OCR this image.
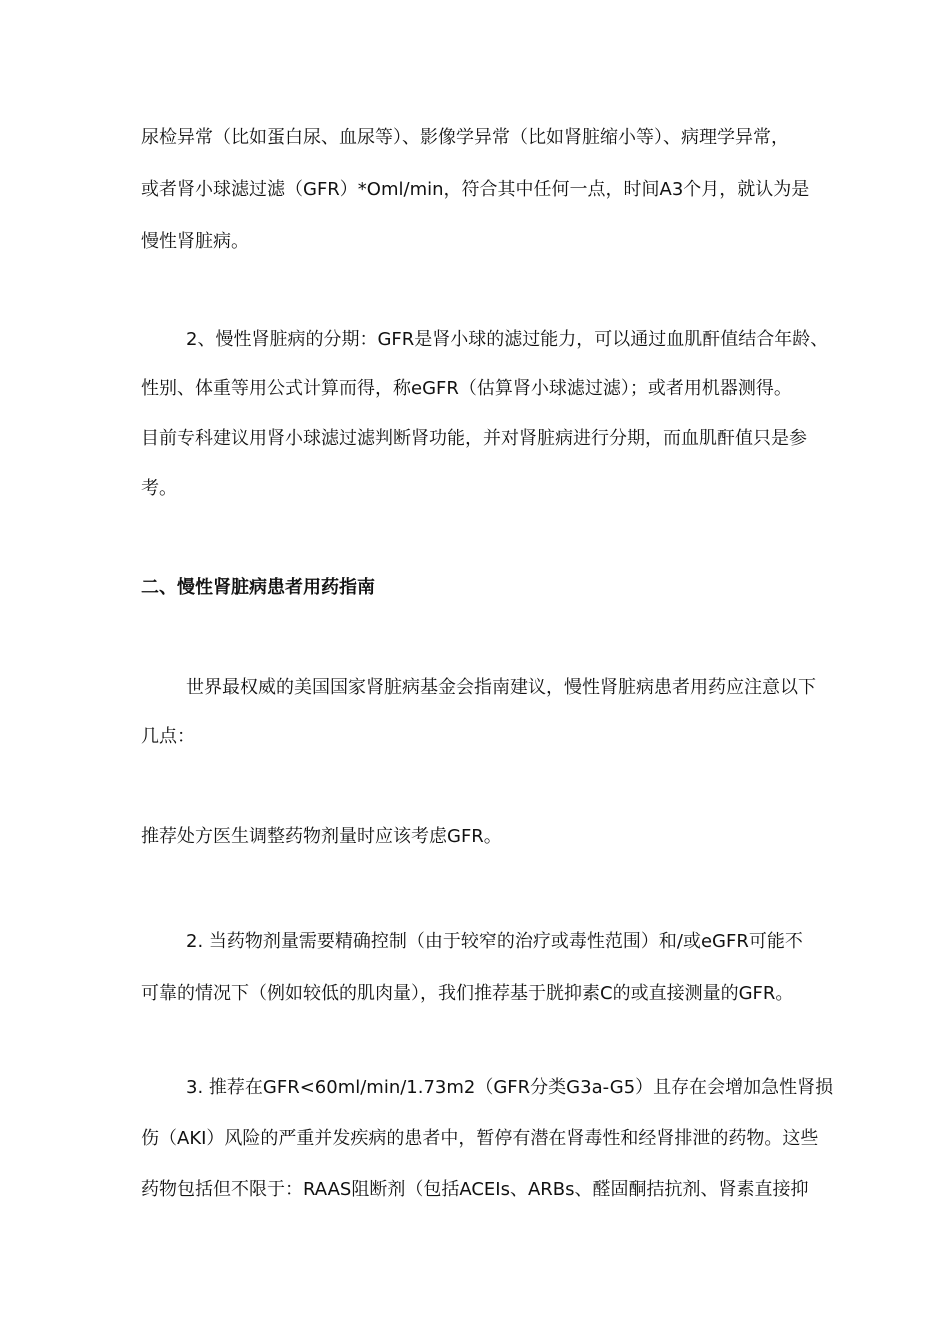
尿检异常（比如蛋白尿、血尿等）、影像学异常（比如肾脏缩小等）、病理学异常，
或者肾小球滤过滤（GFR）*Oml/min，符合其中任何一点，时间A3个月，就认为是
慢性肾脏病。
2、慢性肾脏病的分期：GFR是肾小球的滤过能力，可以通过血肌酐值结合年龄、
性别、体重等用公式计算而得，称eGFR（估算肾小球滤过滤）；或者用机器测得。
目前专科建议用肾小球滤过滤判断肾功能，并对肾脏病进行分期，而血肌酐值只是参
考。
二、慢性肾脏病患者用药指南
世界最权威的美国国家肾脏病基金会指南建议，慢性肾脏病患者用药应注意以下
几点：
推荐处方医生调整药物剂量时应该考虑GFR。
2. 当药物剂量需要精确控制（由于较窄的治疗或毒性范围）和/或eGFR可能不
可靠的情况下（例如较低的肌肉量），我们推荐基于胱抑素C的或直接测量的GFR。
3. 推荐在GFR<60ml/min/1.73m2（GFR分类G3a-G5）且存在会增加急性肾损
伤（AKI）风险的严重并发疾病的患者中，暂停有潜在肾毒性和经肾排泄的药物。这些
药物包括但不限于：RAAS阻断剂（包括ACEIs、ARBs、醛固酮拮抗剂、肾素直接抑
